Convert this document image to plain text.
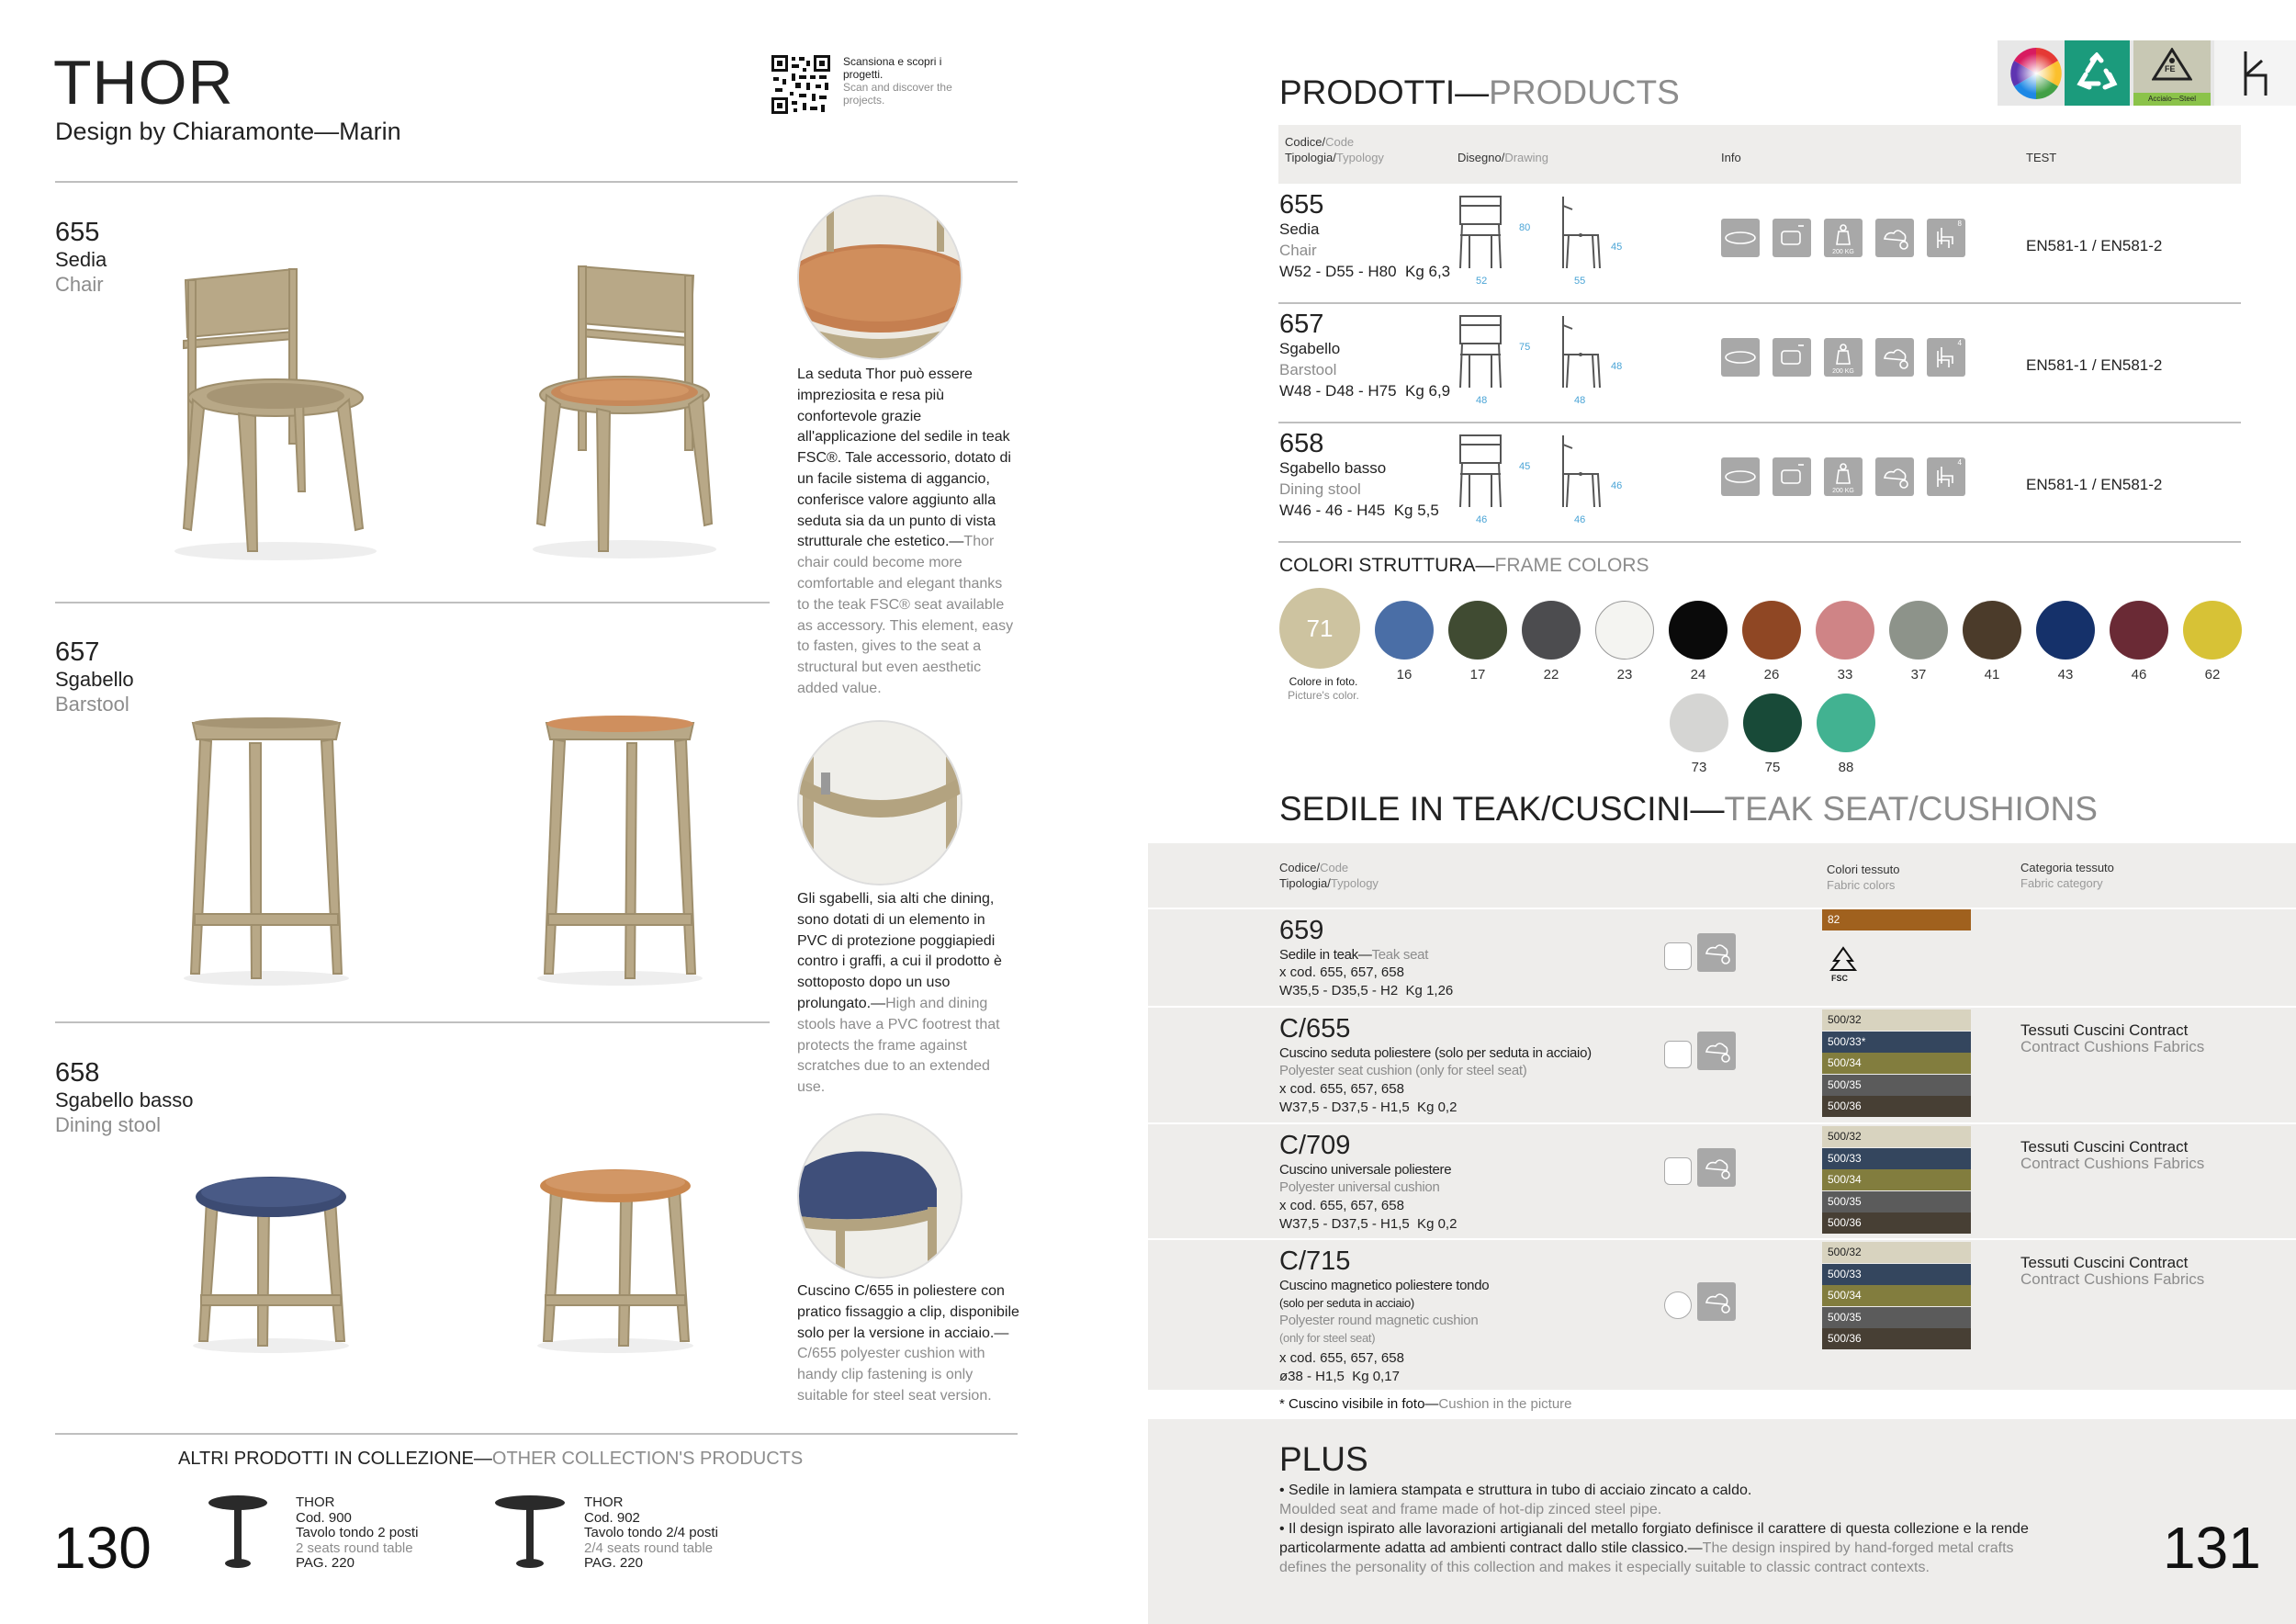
THOR
Design by Chiaramonte—Marin
Scansiona e scopri i progetti.
Scan and discover the projects.
655
Sedia
Chair
La seduta Thor può essere impreziosita e resa più confortevole grazie all'applicazione del sedile in teak FSC®. Tale accessorio, dotato di un facile sistema di aggancio, conferisce valore aggiunto alla seduta sia da un punto di vista strutturale che estetico.—Thor chair could become more comfortable and elegant thanks to the teak FSC® seat available as accessory. This element, easy to fasten, gives to the seat a structural but even aesthetic added value.
657
Sgabello
Barstool
Gli sgabelli, sia alti che dining, sono dotati di un elemento in PVC di protezione poggiapiedi contro i graffi, a cui il prodotto è sottoposto dopo un uso prolungato.—High and dining stools have a PVC footrest that protects the frame against scratches due to an extended use.
658
Sgabello basso
Dining stool
Cuscino C/655 in poliestere con pratico fissaggio a clip, disponibile solo per la versione in acciaio.—C/655 polyester cushion with handy clip fastening is only suitable for steel seat version.
ALTRI PRODOTTI IN COLLEZIONE—OTHER COLLECTION'S PRODUCTS
130
THOR
Cod. 900
Tavolo tondo 2 posti
2 seats round table
PAG. 220
THOR
Cod. 902
Tavolo tondo 2/4 posti
2/4 seats round table
PAG. 220
FE
Acciaio—Steel
PRODOTTI—PRODUCTS
Codice/Code
Tipologia/Typology	Disegno/Drawing	Info	TEST
655
Sedia
Chair
W52 - D55 - H80  Kg 6,3
80
52
45
55
200 KG
8
EN581-1 / EN581-2
657
Sgabello
Barstool
W48 - D48 - H75  Kg 6,9
75
48
48
48
200 KG
4
EN581-1 / EN581-2
658
Sgabello basso
Dining stool
W46 - 46 - H45  Kg 5,5
45
46
46
46
200 KG
4
EN581-1 / EN581-2
COLORI STRUTTURA—FRAME COLORS
71
Colore in foto.
Picture's color.
16	17	22	23	24	26	33	37	41	43	46	62
73	75	88
SEDILE IN TEAK/CUSCINI—TEAK SEAT/CUSHIONS
Codice/Code
Tipologia/Typology
Colori tessuto
Fabric colors
Categoria tessuto
Fabric category
659
Sedile in teak—Teak seat
x cod. 655, 657, 658
W35,5 - D35,5 - H2  Kg 1,26
82
FSC
C/655
Cuscino seduta poliestere (solo per seduta in acciaio)
Polyester seat cushion (only for steel seat)
x cod. 655, 657, 658
W37,5 - D37,5 - H1,5  Kg 0,2
500/32
500/33*
500/34
500/35
500/36
Tessuti Cuscini Contract
Contract Cushions Fabrics
C/709
Cuscino universale poliestere
Polyester universal cushion
x cod. 655, 657, 658
W37,5 - D37,5 - H1,5  Kg 0,2
500/32
500/33
500/34
500/35
500/36
Tessuti Cuscini Contract
Contract Cushions Fabrics
C/715
Cuscino magnetico poliestere tondo
(solo per seduta in acciaio)
Polyester round magnetic cushion
(only for steel seat)
x cod. 655, 657, 658
ø38 - H1,5  Kg 0,17
500/32
500/33
500/34
500/35
500/36
Tessuti Cuscini Contract
Contract Cushions Fabrics
* Cuscino visibile in foto—Cushion in the picture
PLUS
• Sedile in lamiera stampata e struttura in tubo di acciaio zincato a caldo.
Moulded seat and frame made of hot-dip zinced steel pipe.
• Il design ispirato alle lavorazioni artigianali del metallo forgiato definisce il carattere di questa collezione e la rende particolarmente adatta ad ambienti contract dallo stile classico.—The design inspired by hand-forged metal crafts defines the personality of this collection and makes it especially suitable to classic contract contexts.	131
